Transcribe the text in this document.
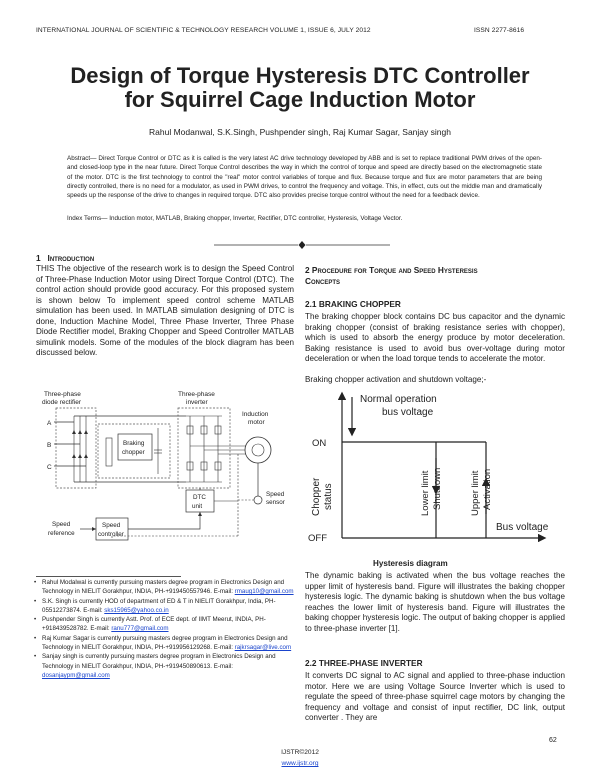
INTERNATIONAL JOURNAL OF SCIENTIFIC & TECHNOLOGY RESEARCH VOLUME 1, ISSUE 6, JULY 2012	ISSN 2277-8616
Design of Torque Hysteresis DTC Controller
for Squirrel Cage Induction Motor
Rahul Modanwal, S.K.Singh, Pushpender singh, Raj Kumar Sagar, Sanjay singh
Abstract— Direct Torque Control or DTC as it is called is the very latest AC drive technology developed by ABB and is set to replace traditional PWM drives of the open- and closed-loop type in the near future. Direct Torque Control describes the way in which the control of torque and speed are directly based on the electromagnetic state of the motor. DTC is the first technology to control the "real" motor control variables of torque and flux. Because torque and flux are motor parameters that are being directly controlled, there is no need for a modulator, as used in PWM drives, to control the frequency and voltage. This, in effect, cuts out the middle man and dramatically speeds up the response of the drive to changes in required torque. DTC also provides precise torque control without the need for a feedback device.
Index Terms— Induction motor, MATLAB, Braking chopper, Inverter, Rectifier, DTC controller, Hysteresis, Voltage Vector.
1 Introduction
THIS The objective of the research work is to design the Speed Control of Three-Phase Induction Motor using Direct Torque Control (DTC). The control action should provide good accuracy. For this proposed system is shown below To implement speed control scheme MATLAB simulation has been used. In MATLAB simulation designing of DTC is done, Induction Machine Model, Three Phase Inverter, Three Phase Diode Rectifier model, Braking Chopper and Speed Controller MATLAB simulink models. Some of the modules of the block diagram has been discussed below.
Three-phase
diode rectifier
Three-phase
inverter
Induction
motor
A
B
C
Braking
chopper
Speed
sensor
DTC
unit
Speed
controller
Speed
reference
• Rahul Modalwal is currently pursuing masters degree program in Electronics Design and Technology in NIELIT Gorakhpur, INDIA, PH-+919450557946. E-mail: rmaug10@gmail.com
• S.K. Singh is currently HOD of department of ED & T in NIELIT Gorakhpur, India, PH-05512273874. E-mail: sks15965@yahoo.co.in
• Pushpender Singh is currently Astt. Prof. of ECE dept. of IIMT Meerut, INDIA, PH-+918439528782. E-mail: ranu777@gmail.com
• Raj Kumar Sagar is currently pursuing masters degree program in Electronics Design and Technology in NIELIT Gorakhpur, INDIA, PH-+919956129268. E-mail: rajkrsagar@live.com
• Sanjay singh is currently pursuing masters degree program in Electronics Design and Technology in NIELIT Gorakhpur, INDIA, PH-+919450890613. E-mail: dosanjaypm@gmail.com
2 Procedure for Torque and Speed Hysteresis
Concepts
2.1 BRAKING CHOPPER
The braking chopper block contains DC bus capacitor and the dynamic braking chopper (consist of braking resistance series with chopper), which is used to absorb the energy produce by motor deceleration. Baking resistance is used to avoid bus over-voltage during motor deceleration or when the load torque tends to accelerate the motor.
Braking chopper activation and shutdown voltage;-
Chopper status
ON
OFF
Normal operation
bus voltage
Lower limit Shutdown	Upper limit Activation
Bus voltage
Hysteresis diagram
The dynamic baking is activated when the bus voltage reaches the upper limit of hysteresis band. Figure will illustrates the baking chopper hysteresis logic. The dynamic baking is shutdown when the bus voltage reaches the lower limit of hysteresis band. Figure will illustrates the baking chopper hysteresis logic. The output of baking chopper is applied to three-phase inverter [1].
2.2 THREE-PHASE INVERTER
It converts DC signal to AC signal and applied to three-phase induction motor. Here we are using Voltage Source Inverter which is used to regulate the speed of three-phase squirrel cage motors by changing the frequency and voltage and consist of input rectifier, DC link, output converter . They are
62
IJSTR©2012
www.ijstr.org
